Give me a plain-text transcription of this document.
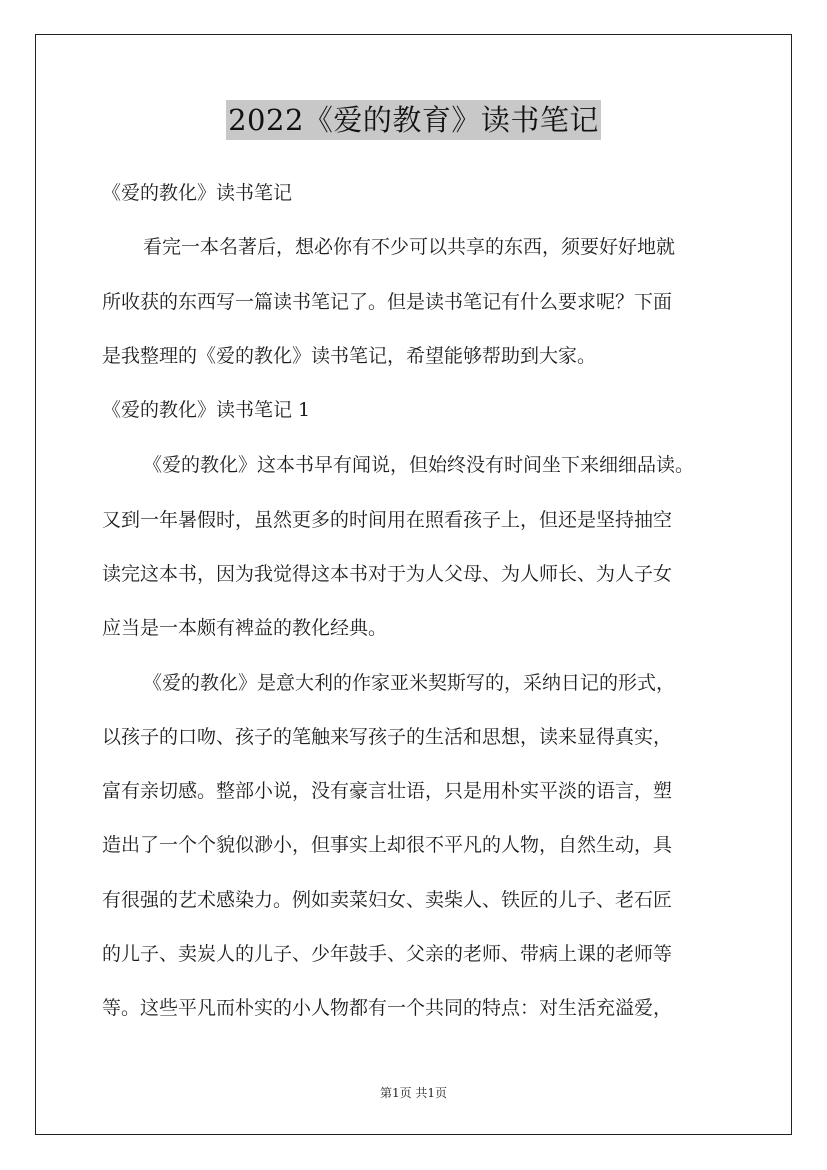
2022《爱的教育》读书笔记
《爱的教化》读书笔记
看完一本名著后，想必你有不少可以共享的东西，须要好好地就
所收获的东西写一篇读书笔记了。但是读书笔记有什么要求呢？下面
是我整理的《爱的教化》读书笔记，希望能够帮助到大家。
《爱的教化》读书笔记 1
《爱的教化》这本书早有闻说，但始终没有时间坐下来细细品读。
又到一年暑假时，虽然更多的时间用在照看孩子上，但还是坚持抽空
读完这本书，因为我觉得这本书对于为人父母、为人师长、为人子女
应当是一本颇有裨益的教化经典。
《爱的教化》是意大利的作家亚米契斯写的，采纳日记的形式，
以孩子的口吻、孩子的笔触来写孩子的生活和思想，读来显得真实，
富有亲切感。整部小说，没有豪言壮语，只是用朴实平淡的语言，塑
造出了一个个貌似渺小，但事实上却很不平凡的人物，自然生动，具
有很强的艺术感染力。例如卖菜妇女、卖柴人、铁匠的儿子、老石匠
的儿子、卖炭人的儿子、少年鼓手、父亲的老师、带病上课的老师等
等。这些平凡而朴实的小人物都有一个共同的特点：对生活充溢爱，
第1页 共1页
